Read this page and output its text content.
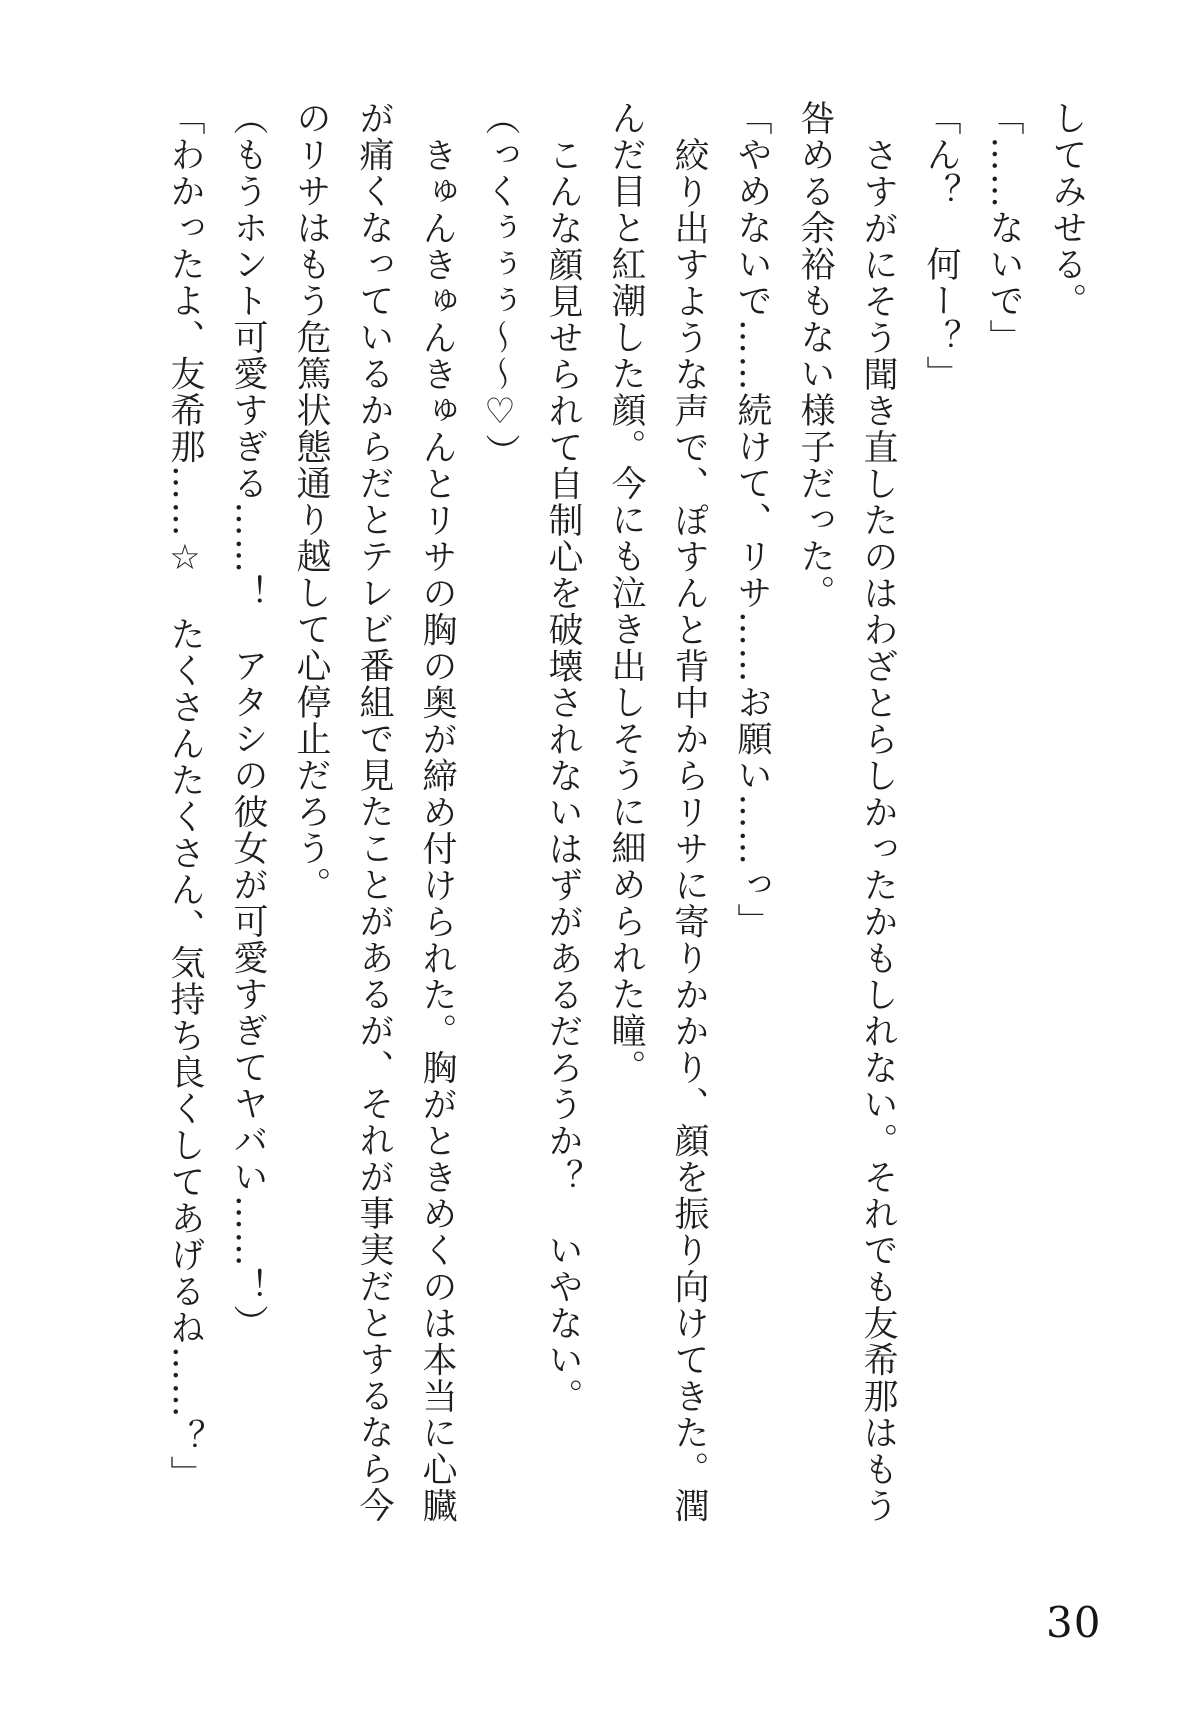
してみせる。
「……ないで」
「ん？　何ー？」
さすがにそう聞き直したのはわざとらしかったかもしれない。それでも友希那はもう
咎める余裕もない様子だった。
「やめないで……続けて、リサ……お願い……っ」
絞り出すような声で、ぽすんと背中からリサに寄りかかり、顔を振り向けてきた。潤
んだ目と紅潮した顔。今にも泣き出しそうに細められた瞳。
こんな顔見せられて自制心を破壊されないはずがあるだろうか？　いやない。
（っくぅぅぅ～～♡）
きゅんきゅんきゅんとリサの胸の奥が締め付けられた。胸がときめくのは本当に心臓
が痛くなっているからだとテレビ番組で見たことがあるが、それが事実だとするなら今
のリサはもう危篤状態通り越して心停止だろう。
（もうホント可愛すぎる……！　アタシの彼女が可愛すぎてヤバい……！）
「わかったよ、友希那……☆　たくさんたくさん、気持ち良くしてあげるね……？」
30
